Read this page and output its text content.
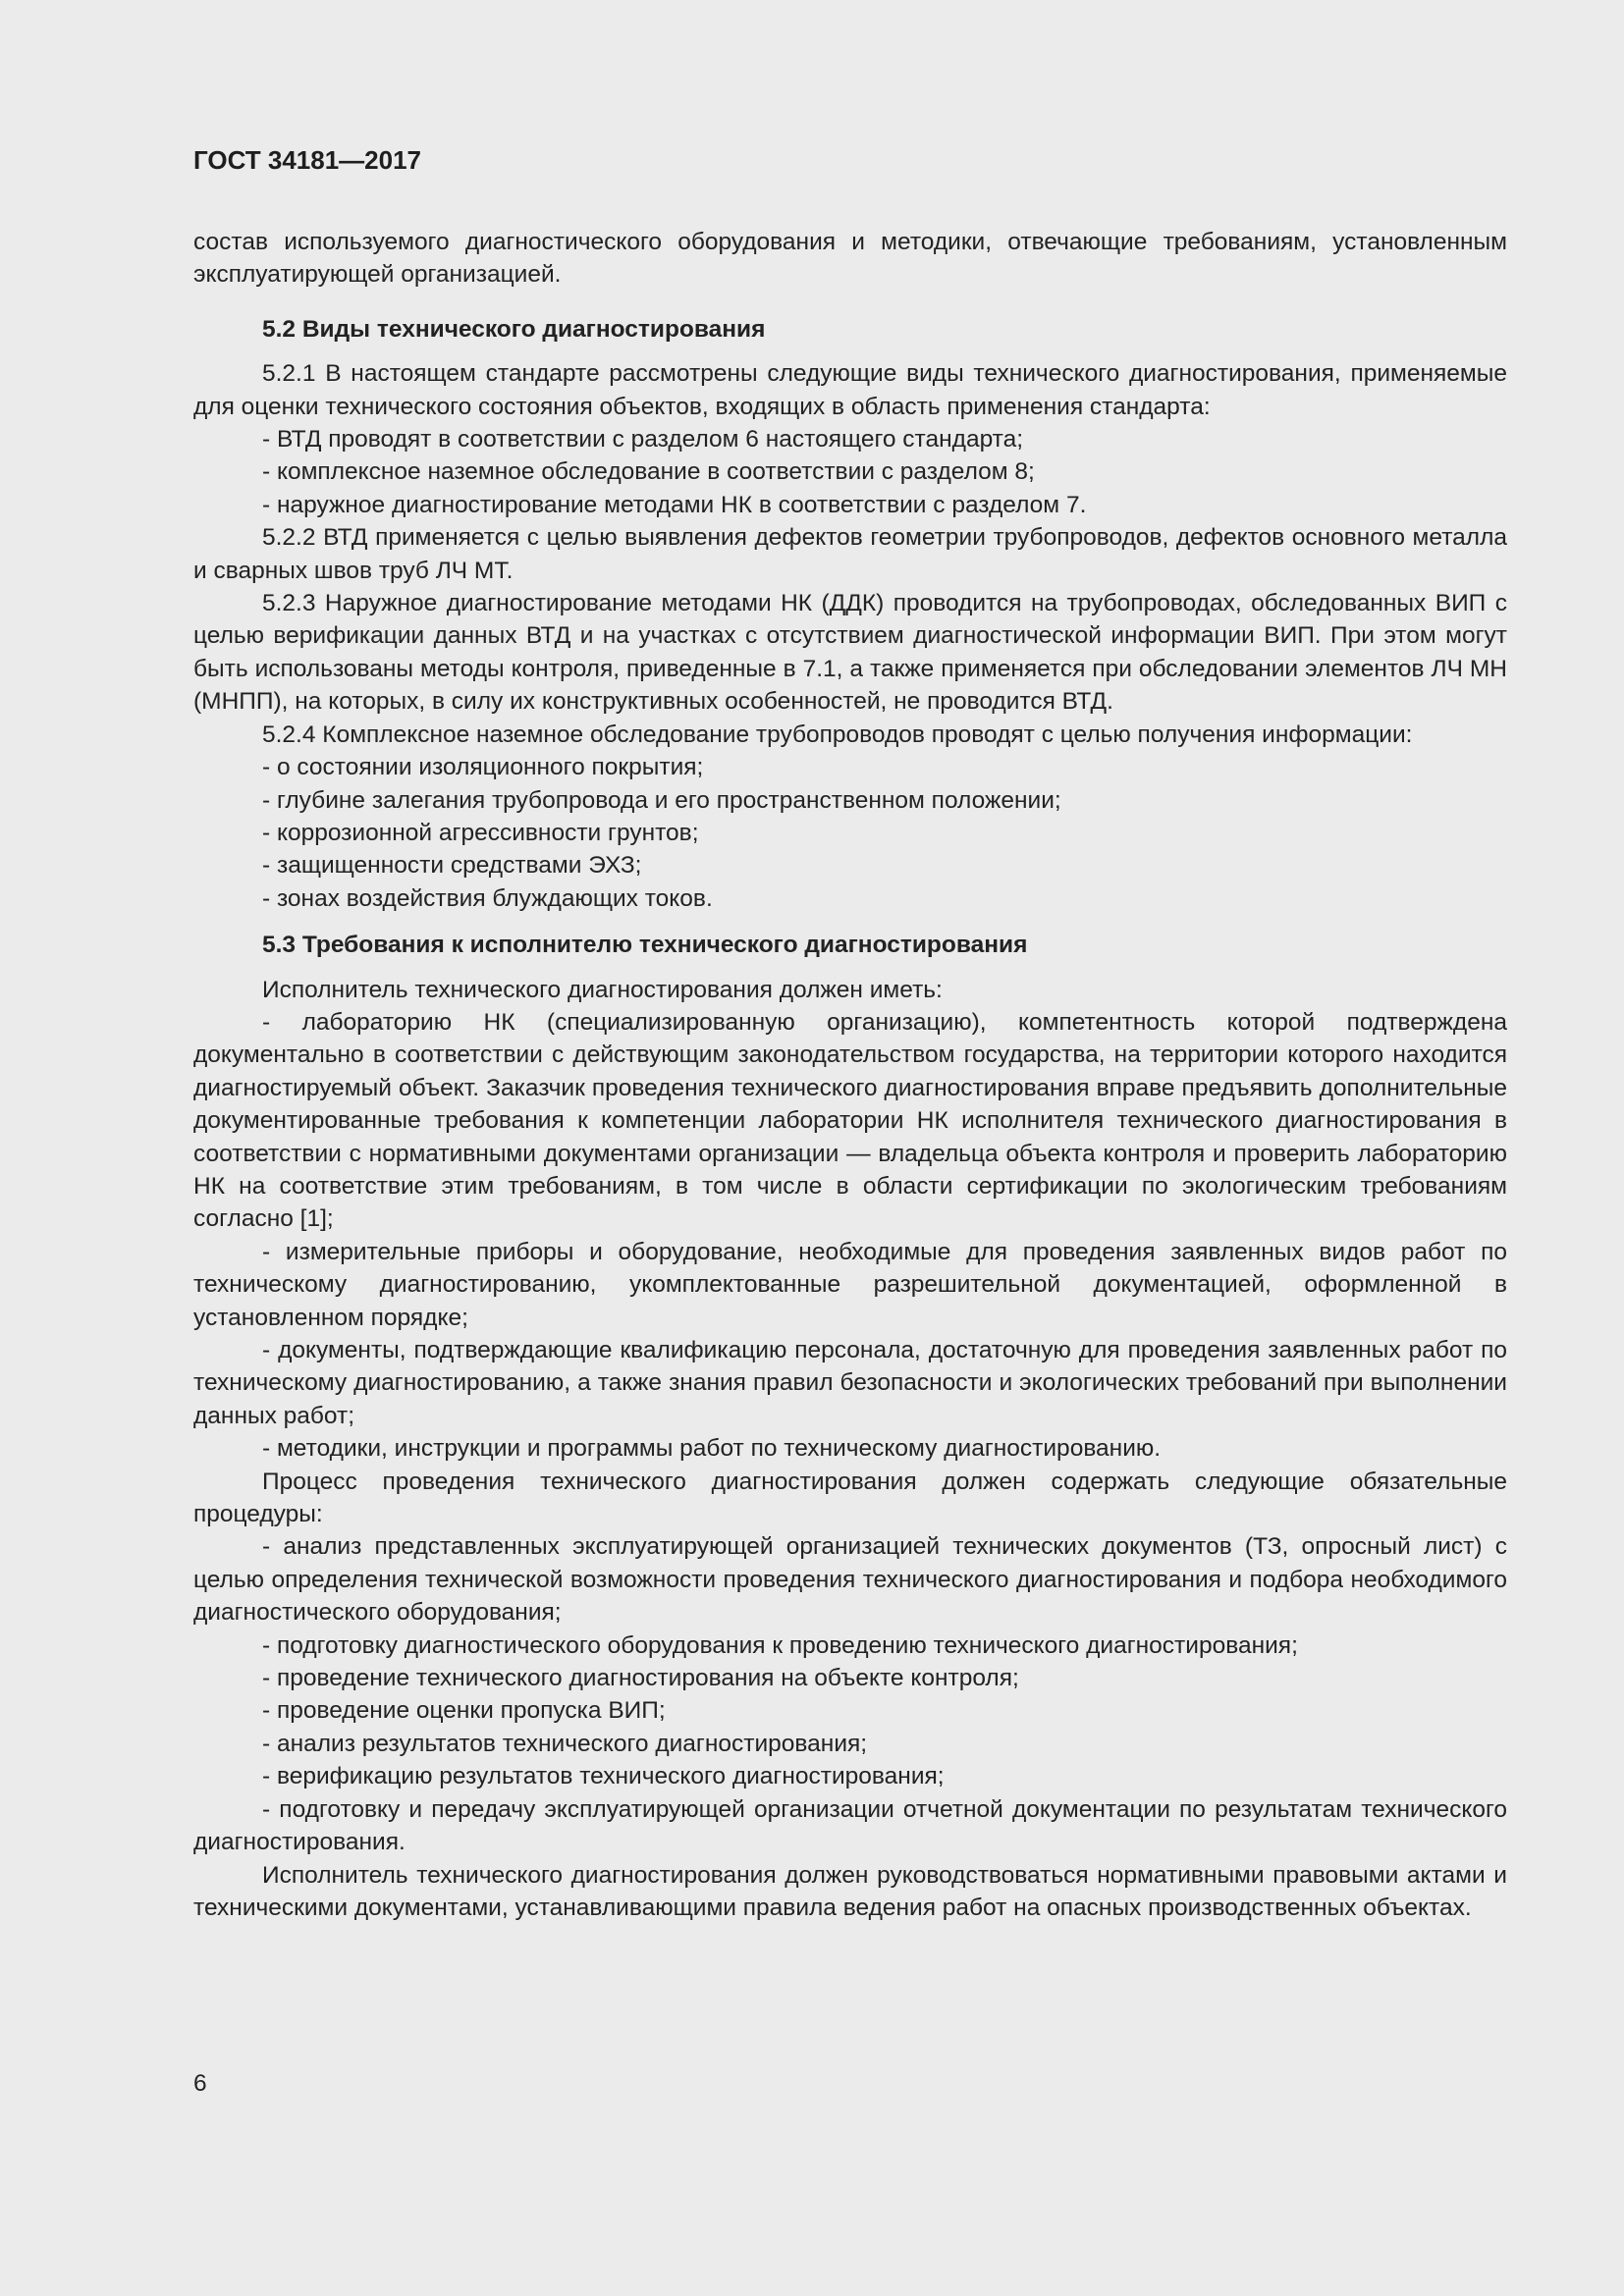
ГОСТ 34181—2017

состав используемого диагностического оборудования и методики, отвечающие требованиям, установленным эксплуатирующей организацией.

5.2 Виды технического диагностирования

5.2.1 В настоящем стандарте рассмотрены следующие виды технического диагностирования, применяемые для оценки технического состояния объектов, входящих в область применения стандарта:

- ВТД проводят в соответствии с разделом 6 настоящего стандарта;

- комплексное наземное обследование в соответствии с разделом 8;

- наружное диагностирование методами НК в соответствии с разделом 7.

5.2.2 ВТД применяется с целью выявления дефектов геометрии трубопроводов, дефектов основного металла и сварных швов труб ЛЧ МТ.

5.2.3 Наружное диагностирование методами НК (ДДК) проводится на трубопроводах, обследованных ВИП с целью верификации данных ВТД и на участках с отсутствием диагностической информации ВИП. При этом могут быть использованы методы контроля, приведенные в 7.1, а также применяется при обследовании элементов ЛЧ МН (МНПП), на которых, в силу их конструктивных особенностей, не проводится ВТД.

5.2.4 Комплексное наземное обследование трубопроводов проводят с целью получения информации:

- о состоянии изоляционного покрытия;

- глубине залегания трубопровода и его пространственном положении;

- коррозионной агрессивности грунтов;

- защищенности средствами ЭХЗ;

- зонах воздействия блуждающих токов.

5.3 Требования к исполнителю технического диагностирования

Исполнитель технического диагностирования должен иметь:

- лабораторию НК (специализированную организацию), компетентность которой подтверждена документально в соответствии с действующим законодательством государства, на территории которого находится диагностируемый объект. Заказчик проведения технического диагностирования вправе предъявить дополнительные документированные требования к компетенции лаборатории НК исполнителя технического диагностирования в соответствии с нормативными документами организации — владельца объекта контроля и проверить лабораторию НК на соответствие этим требованиям, в том числе в области сертификации по экологическим требованиям согласно [1];

- измерительные приборы и оборудование, необходимые для проведения заявленных видов работ по техническому диагностированию, укомплектованные разрешительной документацией, оформленной в установленном порядке;

- документы, подтверждающие квалификацию персонала, достаточную для проведения заявленных работ по техническому диагностированию, а также знания правил безопасности и экологических требований при выполнении данных работ;

- методики, инструкции и программы работ по техническому диагностированию.

Процесс проведения технического диагностирования должен содержать следующие обязательные процедуры:

- анализ представленных эксплуатирующей организацией технических документов (ТЗ, опросный лист) с целью определения технической возможности проведения технического диагностирования и подбора необходимого диагностического оборудования;

- подготовку диагностического оборудования к проведению технического диагностирования;

- проведение технического диагностирования на объекте контроля;

- проведение оценки пропуска ВИП;

- анализ результатов технического диагностирования;

- верификацию результатов технического диагностирования;

- подготовку и передачу эксплуатирующей организации отчетной документации по результатам технического диагностирования.

Исполнитель технического диагностирования должен руководствоваться нормативными правовыми актами и техническими документами, устанавливающими правила ведения работ на опасных производственных объектах.

6
